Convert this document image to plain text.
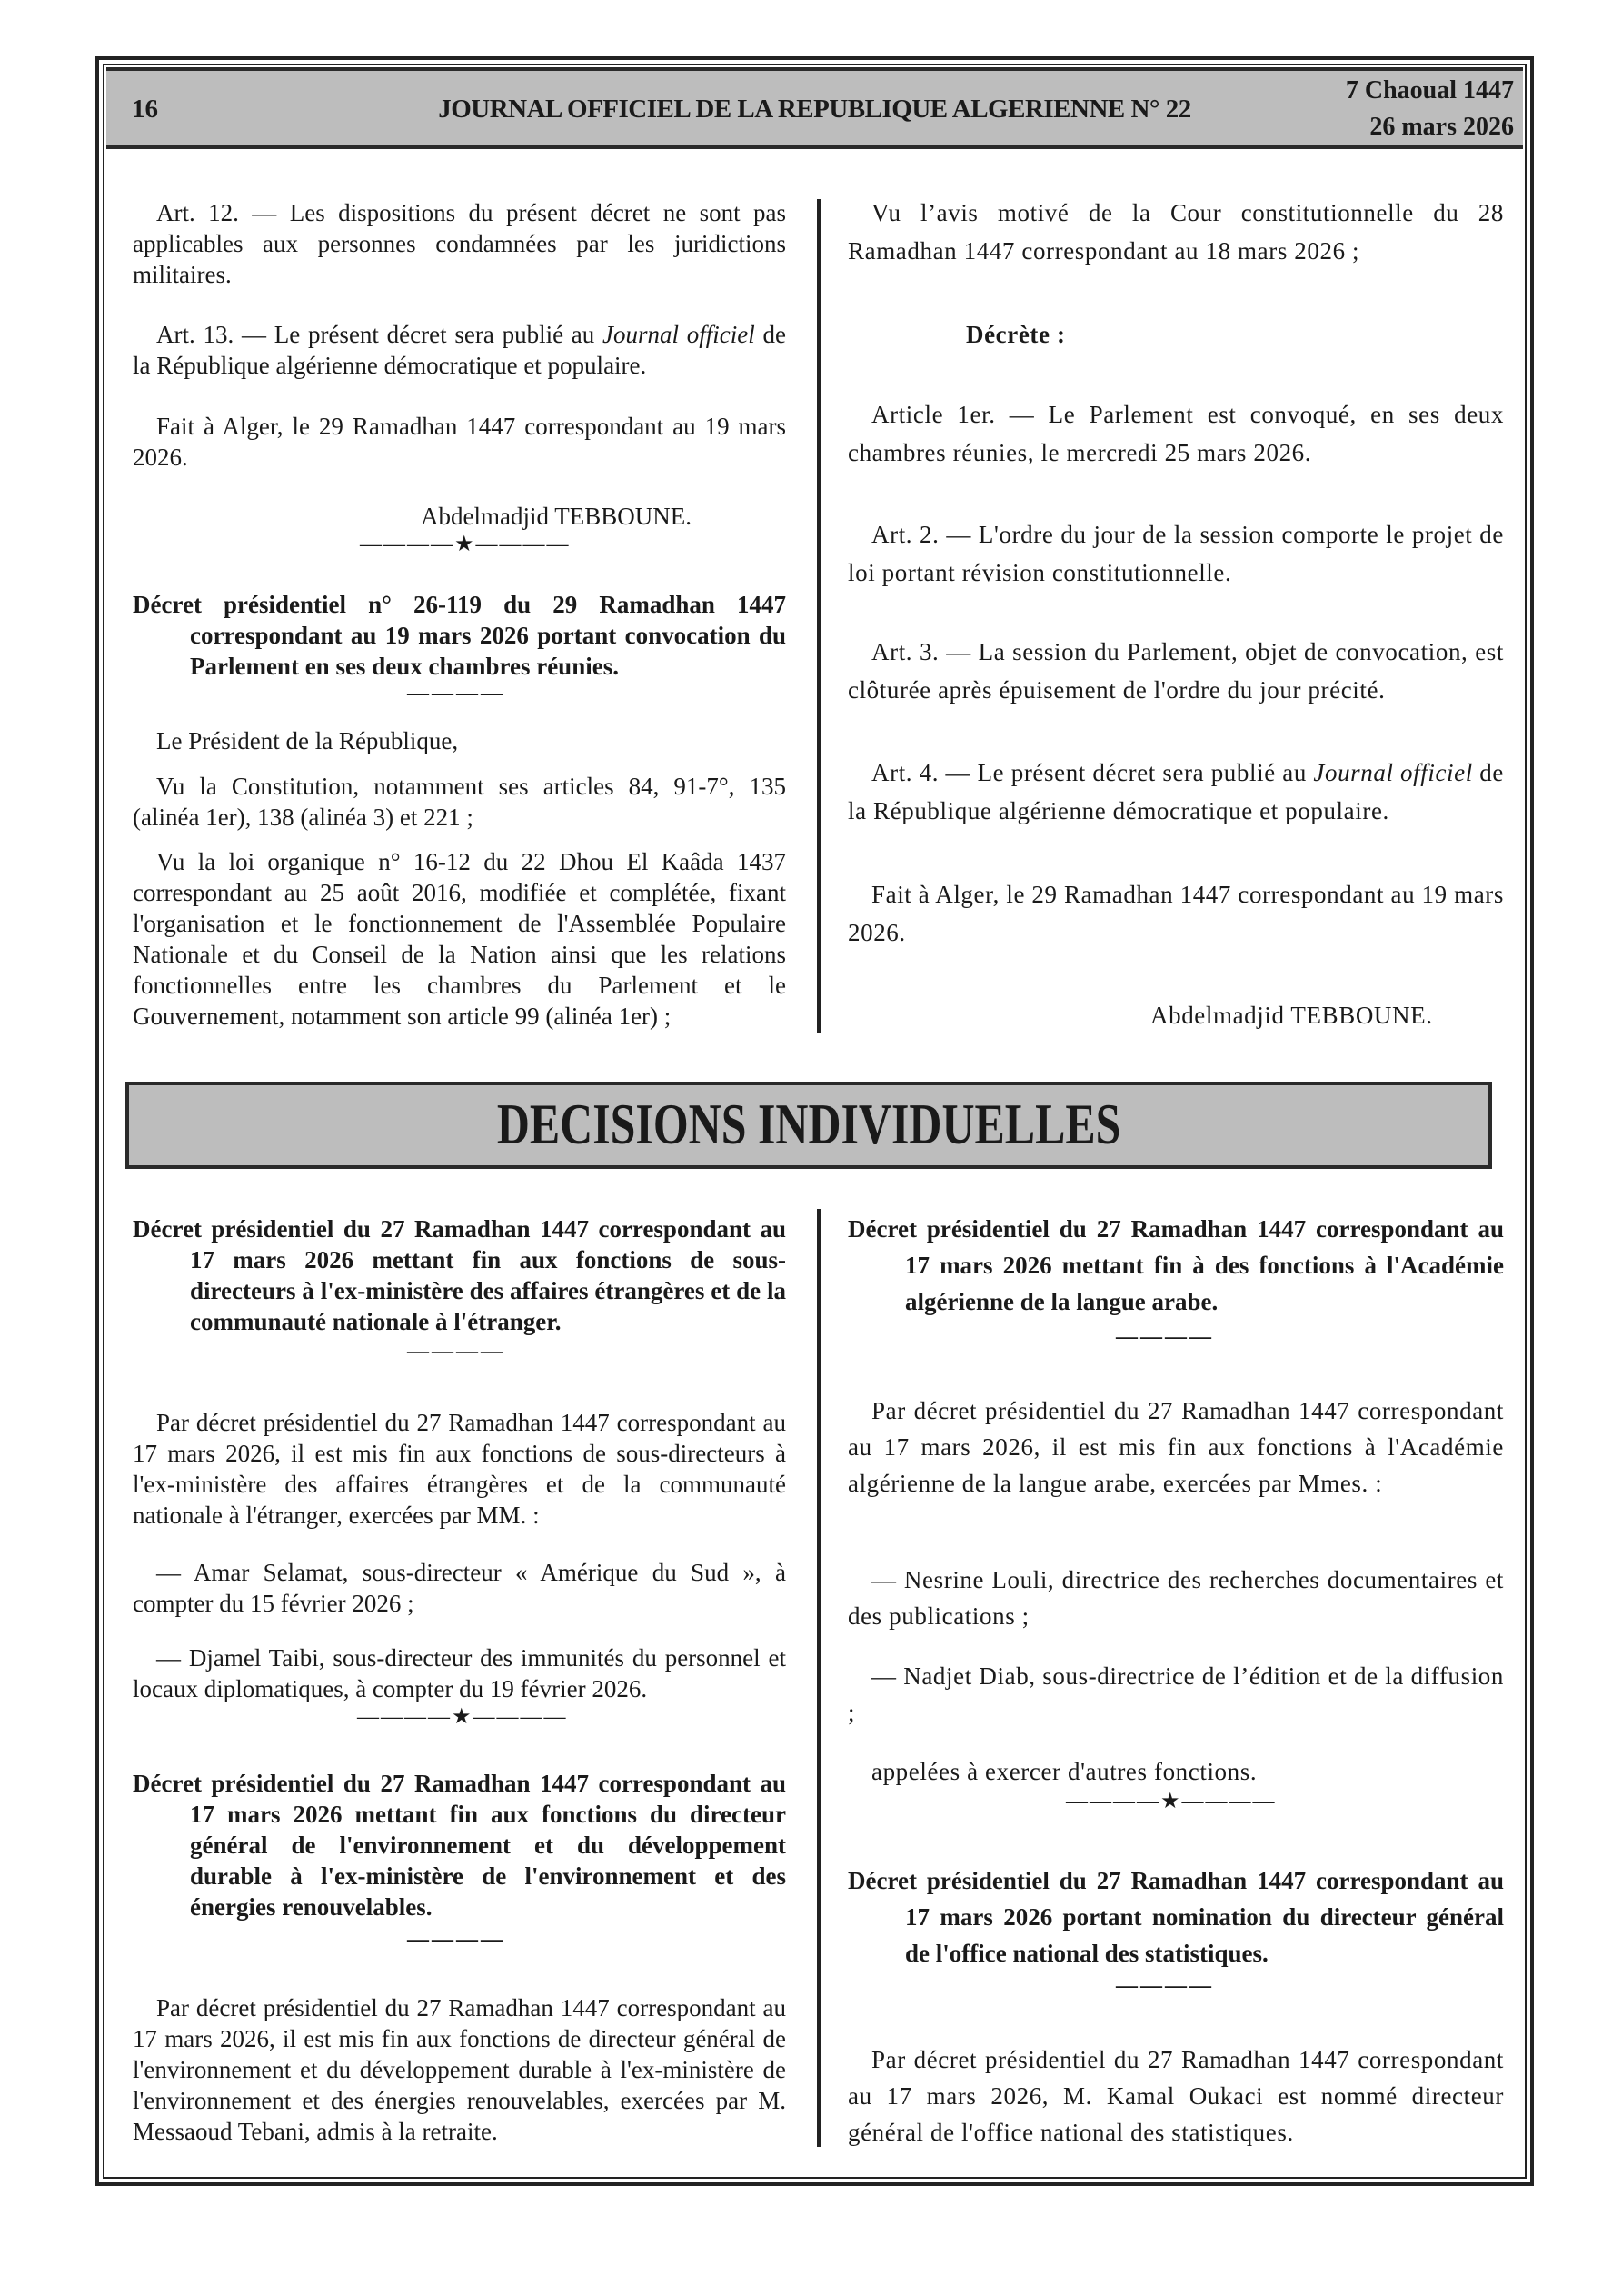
16	JOURNAL OFFICIEL DE LA REPUBLIQUE ALGERIENNE N° 22
7 Chaoual 1447
26 mars 2026

Art. 12. — Les dispositions du présent décret ne sont pas applicables aux personnes condamnées par les juridictions militaires.

Art. 13. — Le présent décret sera publié au Journal officiel de la République algérienne démocratique et populaire.

Fait à Alger, le 29 Ramadhan 1447 correspondant au 19 mars 2026.

Abdelmadjid TEBBOUNE.
————★————

Décret présidentiel n° 26-119 du 29 Ramadhan 1447 correspondant au 19 mars 2026 portant convocation du Parlement en ses deux chambres réunies.

————

Le Président de la République,

Vu la Constitution, notamment ses articles 84, 91-7°, 135 (alinéa 1er), 138 (alinéa 3) et 221 ;

Vu la loi organique n° 16-12 du 22 Dhou El Kaâda 1437 correspondant au 25 août 2016, modifiée et complétée, fixant l'organisation et le fonctionnement de l'Assemblée Populaire Nationale et du Conseil de la Nation ainsi que les relations fonctionnelles entre les chambres du Parlement et le Gouvernement, notamment son article 99 (alinéa 1er) ;

Vu l’avis motivé de la Cour constitutionnelle du 28 Ramadhan 1447 correspondant au 18 mars 2026 ;

Décrète :

Article 1er. — Le Parlement est convoqué, en ses deux chambres réunies, le mercredi 25 mars 2026.

Art. 2. — L'ordre du jour de la session comporte le projet de loi portant révision constitutionnelle.

Art. 3. — La session du Parlement, objet de convocation, est clôturée après épuisement de l'ordre du jour précité.

Art. 4. — Le présent décret sera publié au Journal officiel de la République algérienne démocratique et populaire.

Fait à Alger, le 29 Ramadhan 1447 correspondant au 19 mars 2026.

Abdelmadjid TEBBOUNE.
DECISIONS INDIVIDUELLES

Décret présidentiel du 27 Ramadhan 1447 correspondant au 17 mars 2026 mettant fin aux fonctions de sous-directeurs à l'ex-ministère des affaires étrangères et de la communauté nationale à l'étranger.

————

Par décret présidentiel du 27 Ramadhan 1447 correspondant au 17 mars 2026, il est mis fin aux fonctions de sous-directeurs à l'ex-ministère des affaires étrangères et de la communauté nationale à l'étranger, exercées par MM. :

— Amar Selamat, sous-directeur « Amérique du Sud », à compter du 15 février 2026 ;

— Djamel Taibi, sous-directeur des immunités du personnel et locaux diplomatiques, à compter du 19 février 2026.

————★————

Décret présidentiel du 27 Ramadhan 1447 correspondant au 17 mars 2026 mettant fin aux fonctions du directeur général de l'environnement et du développement durable à l'ex-ministère de l'environnement et des énergies renouvelables.

————

Par décret présidentiel du 27 Ramadhan 1447 correspondant au 17 mars 2026, il est mis fin aux fonctions de directeur général de l'environnement et du développement durable à l'ex-ministère de l'environnement et des énergies renouvelables, exercées par M. Messaoud Tebani, admis à la retraite.

Décret présidentiel du 27 Ramadhan 1447 correspondant au 17 mars 2026 mettant fin à des fonctions à l'Académie algérienne de la langue arabe.

————

Par décret présidentiel du 27 Ramadhan 1447 correspondant au 17 mars 2026, il est mis fin aux fonctions à l'Académie algérienne de la langue arabe, exercées par Mmes. :

— Nesrine Louli, directrice des recherches documentaires et des publications ;

— Nadjet Diab, sous-directrice de l’édition et de la diffusion ;

appelées à exercer d'autres fonctions.

————★————

Décret présidentiel du 27 Ramadhan 1447 correspondant au 17 mars 2026 portant nomination du directeur général de l'office national des statistiques.

————

Par décret présidentiel du 27 Ramadhan 1447 correspondant au 17 mars 2026, M. Kamal Oukaci est nommé directeur général de l'office national des statistiques.
